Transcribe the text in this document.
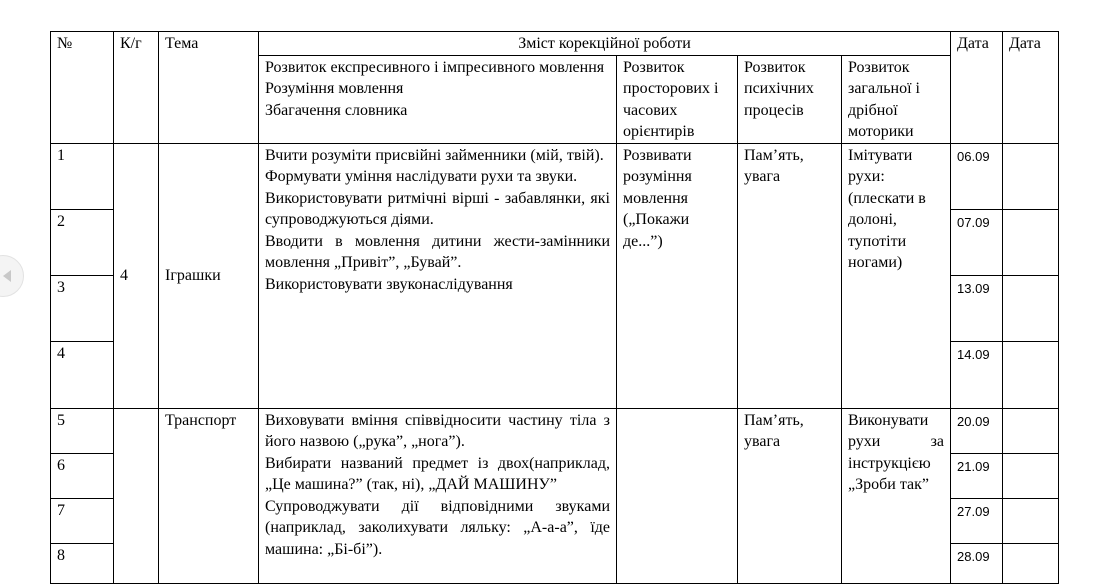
№	К/г	Тема	Зміст корекційної роботи				Дата	Дата

			Розвиток експресивного і імпресивного мовлення
Розуміння мовлення
Збагачення словника	Розвиток просторових і часових орієнтирів	Розвиток психічних процесів	Розвиток загальної і дрібної моторики		
1	4	Іграшки	Вчити розуміти присвійні займенники (мій, твій).
Формувати уміння наслідувати рухи та звуки.
Використовувати ритмічні вірші - забавлянки, які супроводжуються діями.
Вводити в мовлення дитини жести-замінники мовлення „Привіт”, „Бувай”.
Використовувати звуконаслідування	Розвивати розуміння мовлення („Покажи де...”)	Пам’ять, увага	Імітувати рухи: (плескати в долоні, тупотіти ногами)	06.09	
2							07.09	
3							13.09	
4							14.09	
5		Транспорт	Виховувати вміння співвідносити частину тіла з його назвою („рука”, „нога”).
Вибирати названий предмет із двох(наприклад, „Це машина?” (так, ні), „ДАЙ МАШИНУ”
Супроводжувати дії відповідними звуками (наприклад, заколихувати ляльку: „А-а-а”, їде машина: „Бі-бі”).		Пам’ять, увага	Виконувати рухи за інструкцією „Зроби так”	20.09	
6							21.09	
7							27.09	
8							28.09	
